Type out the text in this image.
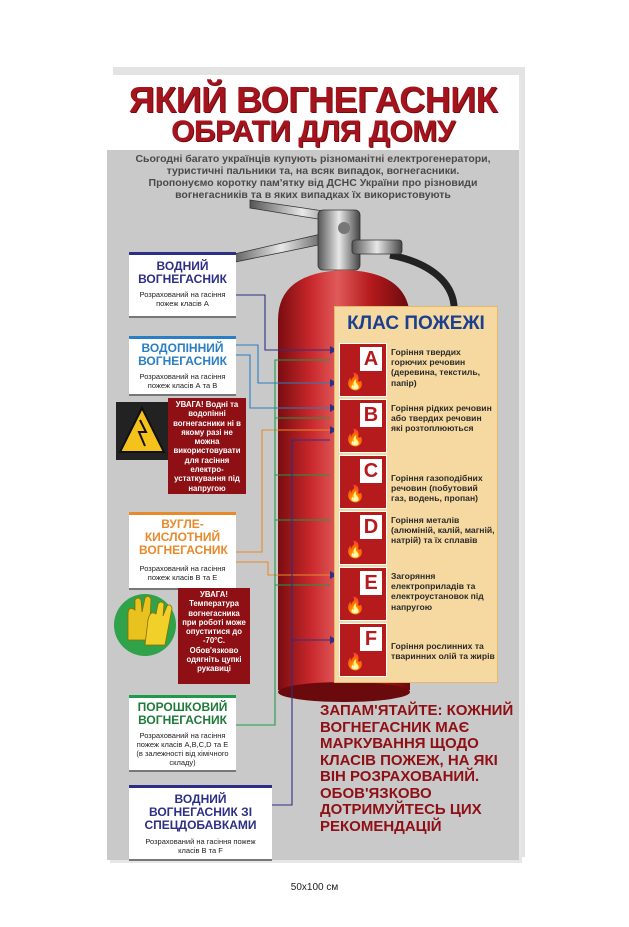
ЯКИЙ ВОГНЕГАСНИК
ОБРАТИ ДЛЯ ДОМУ
Сьогодні багато українців купують різноманітні електрогенератори,
туристичні пальники та, на всяк випадок, вогнегасники.
Пропонуємо коротку пам'ятку від ДСНС України про різновиди
вогнегасників та в яких випадках їх використовують
ВОДНИЙ ВОГНЕГАСНИК
Розрахований на гасіння пожеж класів А
ВОДОПІННИЙ ВОГНЕГАСНИК
Розрахований на гасіння пожеж класів А та В
УВАГА! Водні та водопінні вогнегасники ні в якому разі не можна використовувати для гасіння електро-устаткування під напругою
ВУГЛЕ-КИСЛОТНИЙ ВОГНЕГАСНИК
Розрахований на гасіння пожеж класів В та Е
УВАГА! Температура вогнегасника при роботі може опуститися до -70°С. Обов'язково одягніть цупкі рукавиці
ПОРОШКОВИЙ ВОГНЕГАСНИК
Розрахований на гасіння пожеж класів A,B,C,D та E (в залежності від хімічного складу)
ВОДНИЙ ВОГНЕГАСНИК ЗІ СПЕЦДОБАВКАМИ
Розрахований на гасіння пожеж класів В та F
КЛАС ПОЖЕЖІ
🔥
A	Горіння твердих горючих речовин (деревина, текстиль, папір)
🔥
B	Горіння рідких речовин або твердих речовин які розтоплюються
🔥
C	Горіння газоподібних речовин (побутовий газ, водень, пропан)
🔥
D	Горіння металів (алюміній, калій, магній, натрій) та їх сплавів
🔥
E	Загоряння електроприладів та електроустановок під напругою
🔥
F	Горіння рослинних та тваринних олій та жирів
ЗАПАМ'ЯТАЙТЕ: КОЖНИЙ ВОГНЕГАСНИК МАЄ МАРКУВАННЯ ЩОДО КЛАСІВ ПОЖЕЖ, НА ЯКІ ВІН РОЗРАХОВАНИЙ. ОБОВ'ЯЗКОВО ДОТРИМУЙТЕСЬ ЦИХ РЕКОМЕНДАЦІЙ
50х100 см
